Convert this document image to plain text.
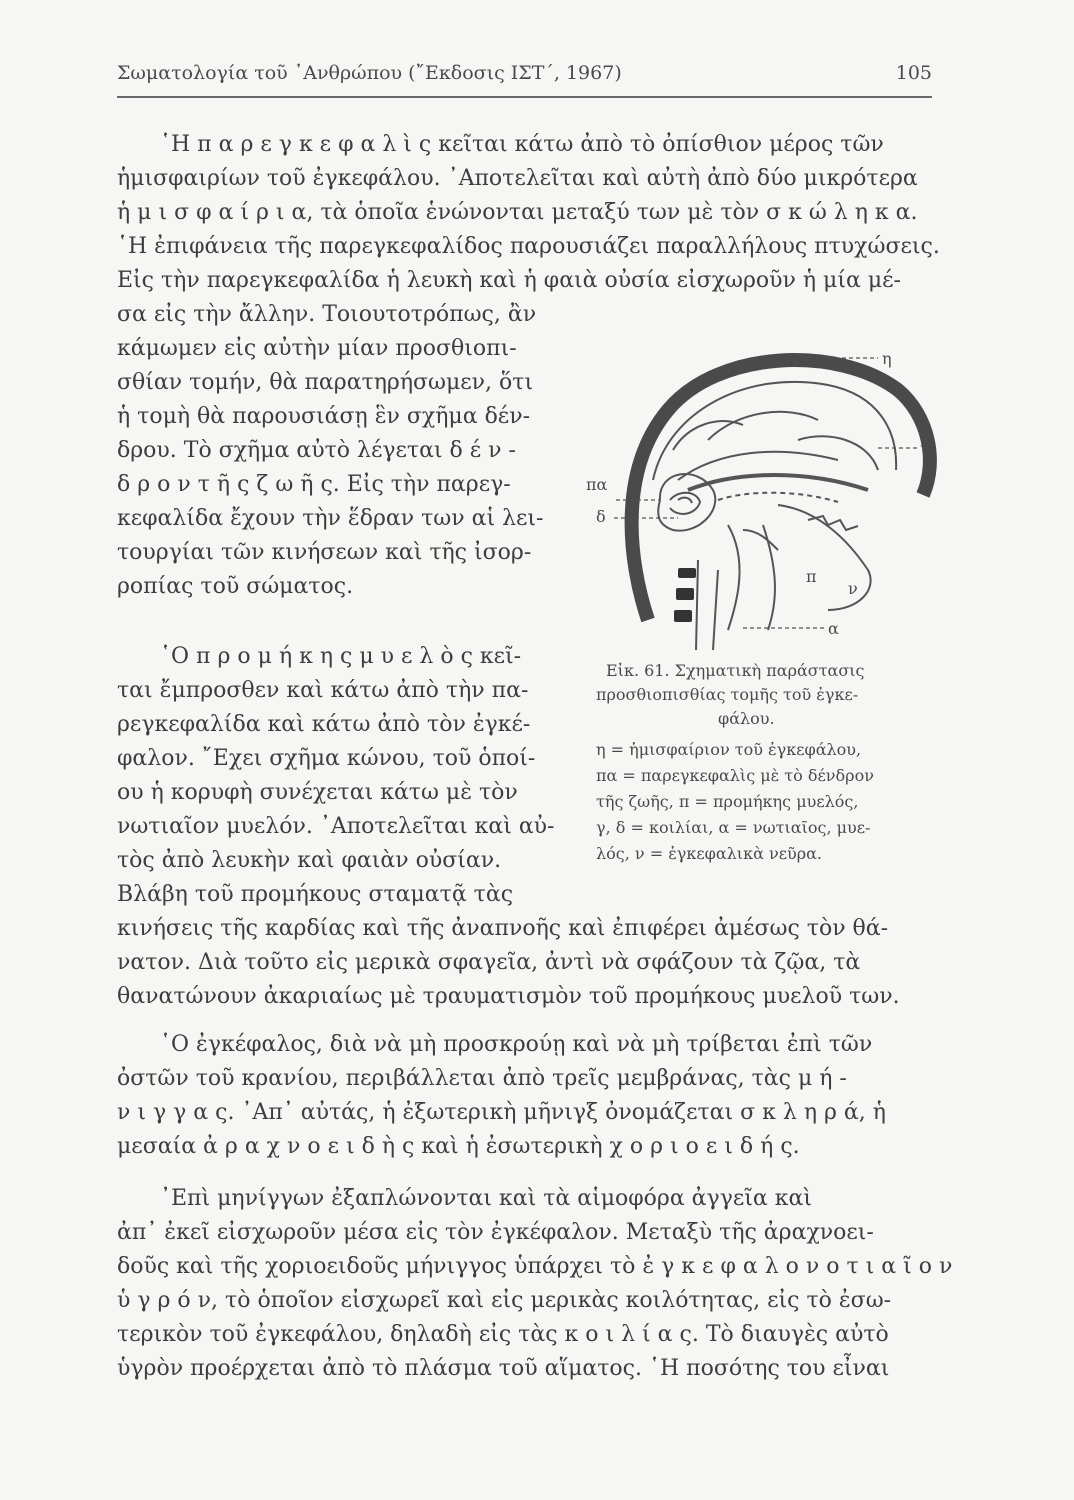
Σωματολογία τοῦ ᾿Ανθρώπου (῎Εκδοσις ΙΣΤ΄, 1967)	105
῾Η π α ρ ε γ κ ε φ α λ ὶ ς κεῖται κάτω ἀπὸ τὸ ὀπίσθιον μέρος τῶν
ἡμισφαιρίων τοῦ ἐγκεφάλου. ᾿Αποτελεῖται καὶ αὐτὴ ἀπὸ δύο μικρότερα
ἡ μ ι σ φ α ί ρ ι α, τὰ ὁποῖα ἑνώνονται μεταξύ των μὲ τὸν σ κ ώ λ η κ α.
῾Η ἐπιφάνεια τῆς παρεγκεφαλίδος παρουσιάζει παραλλήλους πτυχώσεις.
Εἰς τὴν παρεγκεφαλίδα ἡ λευκὴ καὶ ἡ φαιὰ οὐσία εἰσχωροῦν ἡ μία μέ-
σα εἰς τὴν ἄλλην. Τοιουτοτρόπως, ἂν
κάμωμεν εἰς αὐτὴν μίαν προσθιοπι-
σθίαν τομήν, θὰ παρατηρήσωμεν, ὅτι
ἡ τομὴ θὰ παρουσιάσῃ ἓν σχῆμα δέν-
δρου. Τὸ σχῆμα αὐτὸ λέγεται δ έ ν -
δ ρ ο ν τ ῆ ς ζ ω ῆ ς. Εἰς τὴν παρεγ-
κεφαλίδα ἔχουν τὴν ἕδραν των αἱ λει-
τουργίαι τῶν κινήσεων καὶ τῆς ἰσορ-
ροπίας τοῦ σώματος.
η
γ
πα
δ
π
ν
α
Εἰκ. 61. Σχηματικὴ παράστασις
προσθιοπισθίας τομῆς τοῦ ἐγκε-
φάλου.
η = ἡμισφαίριον τοῦ ἐγκεφάλου,
πα = παρεγκεφαλὶς μὲ τὸ δένδρον
τῆς ζωῆς, π = προμήκης μυελός,
γ, δ = κοιλίαι, α = νωτιαῖος, μυε-
λός, ν = ἐγκεφαλικὰ νεῦρα.
῾Ο π ρ ο μ ή κ η ς μ υ ε λ ὸ ς κεῖ-
ται ἔμπροσθεν καὶ κάτω ἀπὸ τὴν πα-
ρεγκεφαλίδα καὶ κάτω ἀπὸ τὸν ἐγκέ-
φαλον. ῎Εχει σχῆμα κώνου, τοῦ ὁποί-
ου ἡ κορυφὴ συνέχεται κάτω μὲ τὸν
νωτιαῖον μυελόν. ᾿Αποτελεῖται καὶ αὐ-
τὸς ἀπὸ λευκὴν καὶ φαιὰν οὐσίαν.
Βλάβη τοῦ προμήκους σταματᾷ τὰς
κινήσεις τῆς καρδίας καὶ τῆς ἀναπνοῆς καὶ ἐπιφέρει ἀμέσως τὸν θά-
νατον. Διὰ τοῦτο εἰς μερικὰ σφαγεῖα, ἀντὶ νὰ σφάζουν τὰ ζῷα, τὰ
θανατώνουν ἀκαριαίως μὲ τραυματισμὸν τοῦ προμήκους μυελοῦ των.
῾Ο ἐγκέφαλος, διὰ νὰ μὴ προσκρούῃ καὶ νὰ μὴ τρίβεται ἐπὶ τῶν
ὀστῶν τοῦ κρανίου, περιβάλλεται ἀπὸ τρεῖς μεμβράνας, τὰς μ ή -
ν ι γ γ α ς. ᾿Απ᾿ αὐτάς, ἡ ἐξωτερικὴ μῆνιγξ ὀνομάζεται σ κ λ η ρ ά, ἡ
μεσαία ἀ ρ α χ ν ο ε ι δ ὴ ς καὶ ἡ ἐσωτερικὴ χ ο ρ ι ο ε ι δ ή ς.
᾿Επὶ μηνίγγων ἐξαπλώνονται καὶ τὰ αἱμοφόρα ἀγγεῖα καὶ
ἀπ᾿ ἐκεῖ εἰσχωροῦν μέσα εἰς τὸν ἐγκέφαλον. Μεταξὺ τῆς ἀραχνοει-
δοῦς καὶ τῆς χοριοειδοῦς μήνιγγος ὑπάρχει τὸ ἐ γ κ ε φ α λ ο ν ο τ ι α ῖ ο ν
ὑ γ ρ ό ν, τὸ ὁποῖον εἰσχωρεῖ καὶ εἰς μερικὰς κοιλότητας, εἰς τὸ ἐσω-
τερικὸν τοῦ ἐγκεφάλου, δηλαδὴ εἰς τὰς κ ο ι λ ί α ς. Τὸ διαυγὲς αὐτὸ
ὑγρὸν προέρχεται ἀπὸ τὸ πλάσμα τοῦ αἵματος. ῾Η ποσότης του εἶναι
